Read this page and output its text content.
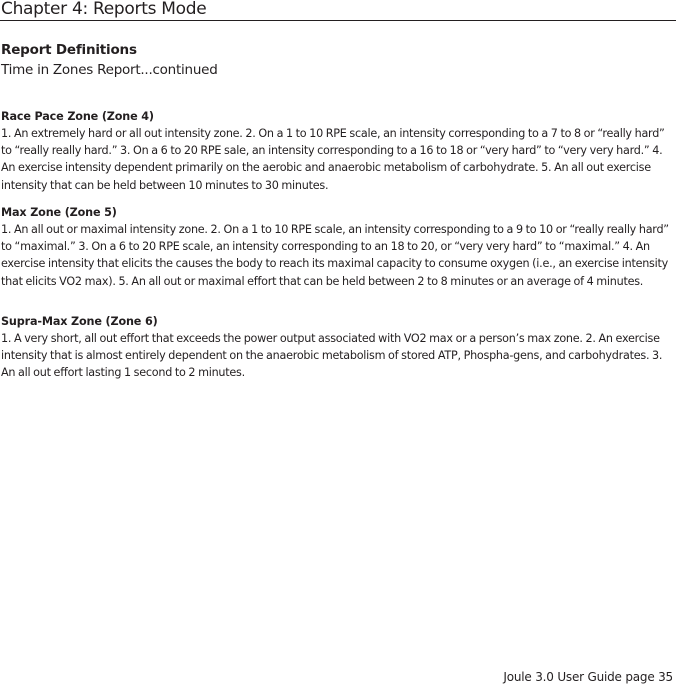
Chapter 4: Reports Mode
Report Definitions
Time in Zones Report...continued
Race Pace Zone (Zone 4)

1. An extremely hard or all out intensity zone. 2. On a 1 to 10 RPE scale, an intensity corresponding to a 7 to 8 or “really hard” to “really really hard.” 3. On a 6 to 20 RPE sale, an intensity corresponding to a 16 to 18 or “very hard” to “very very hard.” 4. An exercise intensity dependent primarily on the aerobic and anaerobic metabolism of carbohydrate. 5. An all out exercise intensity that can be held between 10 minutes to 30 minutes.

Max Zone (Zone 5)

1. An all out or maximal intensity zone. 2. On a 1 to 10 RPE scale, an intensity corresponding to a 9 to 10 or “really really hard” to “maximal.” 3. On a 6 to 20 RPE scale, an intensity corresponding to an 18 to 20, or “very very hard” to “maximal.” 4. An exercise intensity that elicits the causes the body to reach its maximal capacity to consume oxygen (i.e., an exercise intensity that elicits VO2 max). 5. An all out or maximal effort that can be held between 2 to 8 minutes or an average of 4 minutes.

Supra-Max Zone (Zone 6)

1. A very short, all out effort that exceeds the power output associated with VO2 max or a person’s max zone. 2. An exercise intensity that is almost entirely dependent on the anaerobic metabolism of stored ATP, Phospha-gens, and carbohydrates. 3. An all out effort lasting 1 second to 2 minutes.

Joule 3.0 User Guide page 35
